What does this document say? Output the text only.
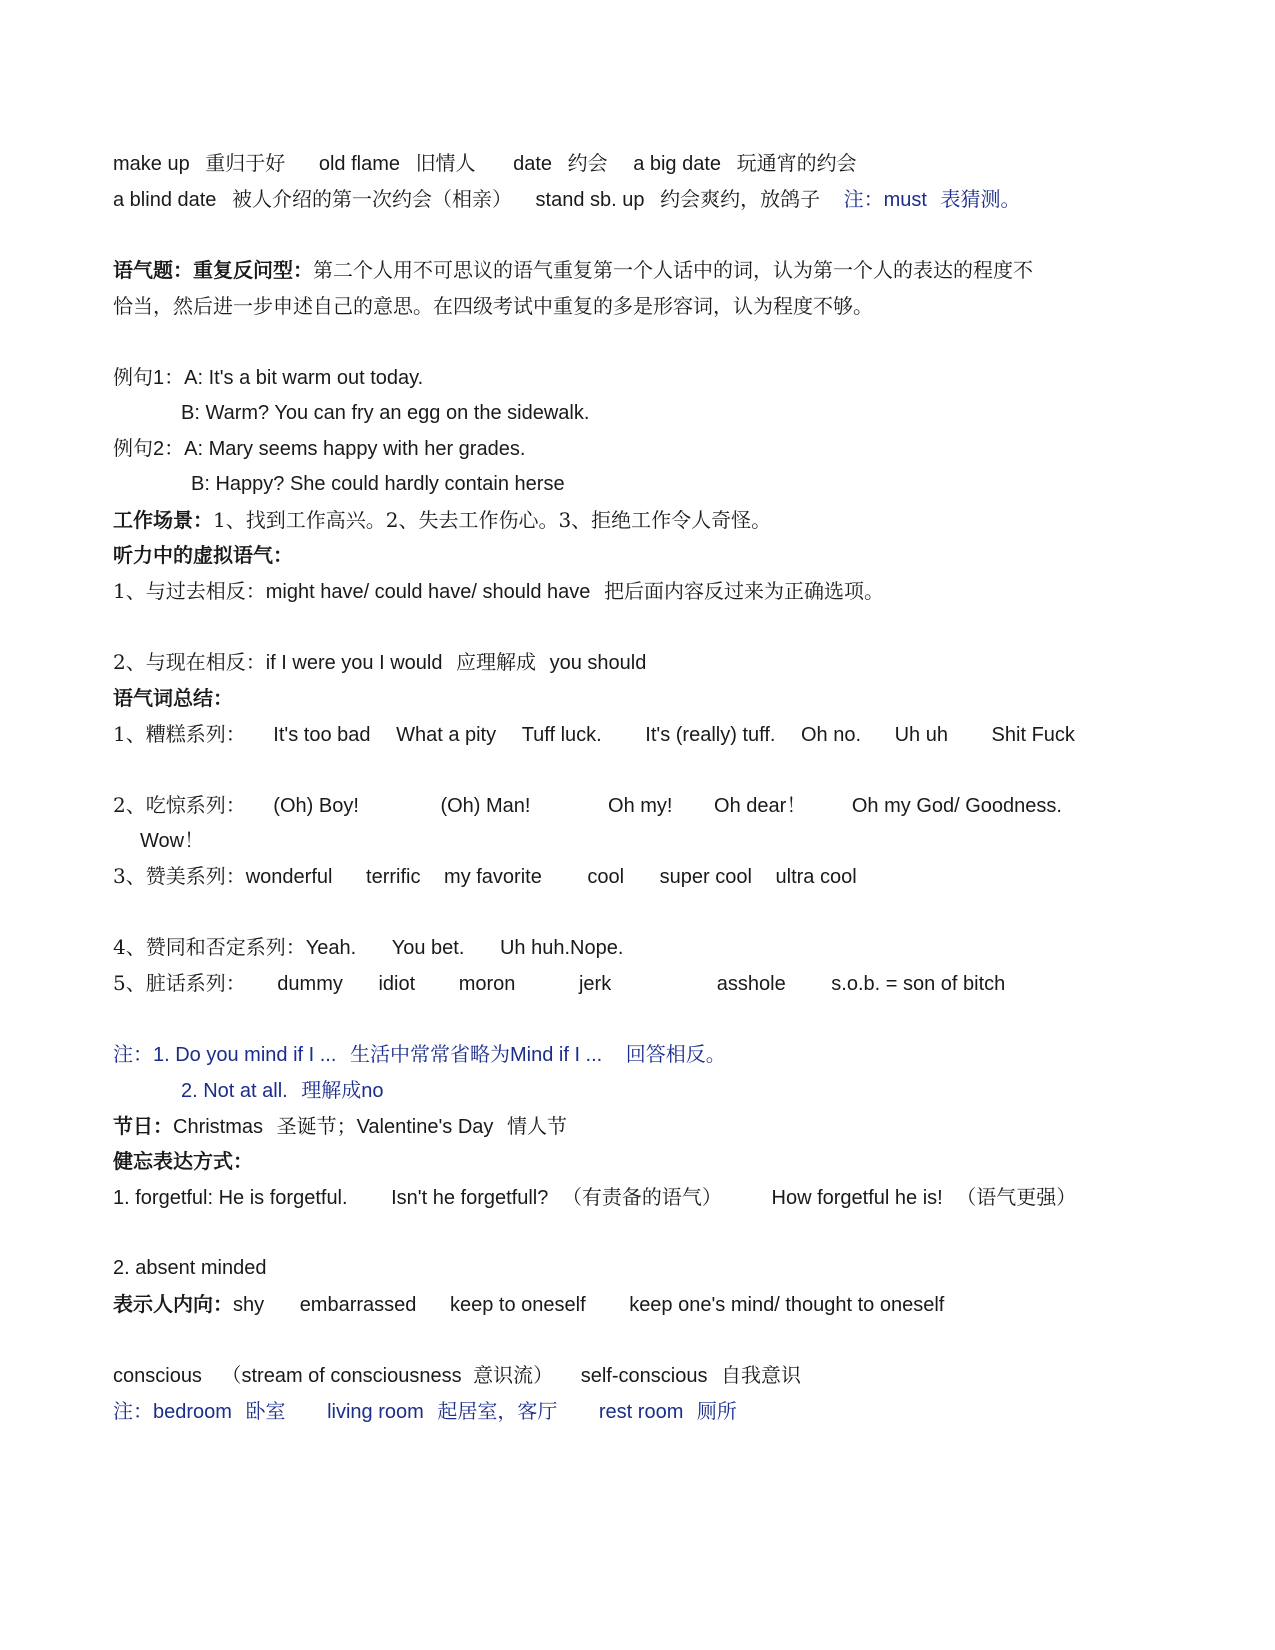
make up 重归于好 old flame 旧情人 date 约会 a big date 玩通宵的约会
a blind date 被人介绍的第一次约会（相亲） stand sb. up 约会爽约，放鸽子 注：must 表猜测。
语气题：重复反问型：第二个人用不可思议的语气重复第一个人话中的词，认为第一个人的表达的程度不
恰当，然后进一步申述自己的意思。在四级考试中重复的多是形容词，认为程度不够。
例句1：A: It's a bit warm out today.
B: Warm? You can fry an egg on the sidewalk.
例句2：A: Mary seems happy with her grades.
B: Happy? She could hardly contain herse
工作场景：1、找到工作高兴。2、失去工作伤心。3、拒绝工作令人奇怪。
听力中的虚拟语气：
1、与过去相反：might have/ could have/ should have 把后面内容反过来为正确选项。
2、与现在相反：if I were you I would 应理解成 you should
语气词总结：
1、糟糕系列： It's too bad What a pity Tuff luck. It's (really) tuff. Oh no. Uh uh Shit Fuck
2、吃惊系列： (Oh) Boy!	(Oh) Man!	Oh my! Oh dear！ Oh my God/ Goodness.
Wow！
3、赞美系列：wonderful terrific my favorite cool super cool ultra cool
4、赞同和否定系列：Yeah. You bet. Uh huh.Nope.
5、脏话系列： dummy idiot moron	jerk	asshole s.o.b. = son of bitch
注：1. Do you mind if I ... 生活中常常省略为Mind if I ... 回答相反。
2. Not at all. 理解成no
节日：Christmas 圣诞节；Valentine's Day 情人节
健忘表达方式：
1. forgetful: He is forgetful. Isn't he forgetfull? （有责备的语气） How forgetful he is! （语气更强）
2. absent minded
表示人内向：shy embarrassed keep to oneself keep one's mind/ thought to oneself
conscious （stream of consciousness 意识流） self-conscious 自我意识
注：bedroom 卧室 living room 起居室，客厅 rest room 厕所
